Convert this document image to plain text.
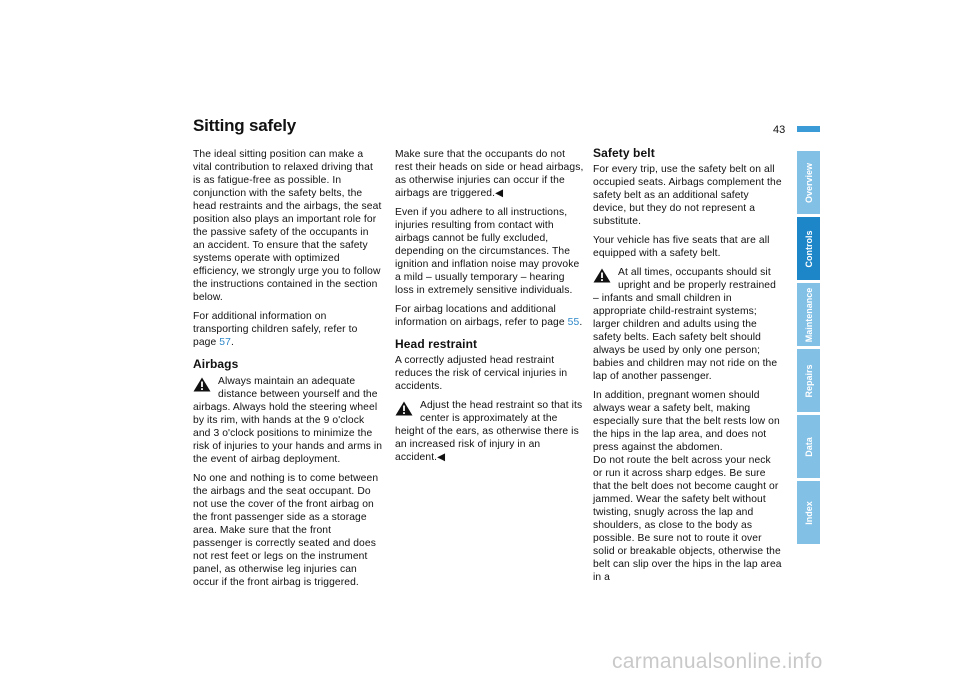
Sitting safely	43

The ideal sitting position can make a vital contribution to relaxed driving that is as fatigue-free as possible. In conjunction with the safety belts, the head restraints and the airbags, the seat position also plays an important role for the passive safety of the occupants in an accident. To ensure that the safety systems operate with optimized efficiency, we strongly urge you to follow the instructions contained in the section below.

For additional information on transporting children safely, refer to page 57.

Airbags
Always maintain an adequate distance between yourself and the airbags. Always hold the steering wheel by its rim, with hands at the 9 o'clock and 3 o'clock positions to minimize the risk of injuries to your hands and arms in the event of airbag deployment.

No one and nothing is to come between the airbags and the seat occupant. Do not use the cover of the front airbag on the front passenger side as a storage area. Make sure that the front passenger is correctly seated and does not rest feet or legs on the instrument panel, as otherwise leg injuries can occur if the front airbag is triggered.

Make sure that the occupants do not rest their heads on side or head airbags, as otherwise injuries can occur if the airbags are triggered.◀

Even if you adhere to all instructions, injuries resulting from contact with airbags cannot be fully excluded, depending on the circumstances. The ignition and inflation noise may provoke a mild – usually temporary – hearing loss in extremely sensitive individuals.

For airbag locations and additional information on airbags, refer to page 55.

Head restraint

A correctly adjusted head restraint reduces the risk of cervical injuries in accidents.

Adjust the head restraint so that its center is approximately at the height of the ears, as otherwise there is an increased risk of injury in an accident.◀
Safety belt

For every trip, use the safety belt on all occupied seats. Airbags complement the safety belt as an additional safety device, but they do not represent a substitute.

Your vehicle has five seats that are all equipped with a safety belt.

At all times, occupants should sit upright and be properly restrained – infants and small children in appropriate child-restraint systems; larger children and adults using the safety belts. Each safety belt should always be used by only one person; babies and children may not ride on the lap of another passenger.

In addition, pregnant women should always wear a safety belt, making especially sure that the belt rests low on the hips in the lap area, and does not press against the abdomen.

Do not route the belt across your neck or run it across sharp edges. Be sure that the belt does not become caught or jammed. Wear the safety belt without twisting, snugly across the lap and shoulders, as close to the body as possible. Be sure not to route it over solid or breakable objects, otherwise the belt can slip over the hips in the lap area in a

Overview
Controls
Maintenance
Repairs
Data
Index
carmanualsonline.info
